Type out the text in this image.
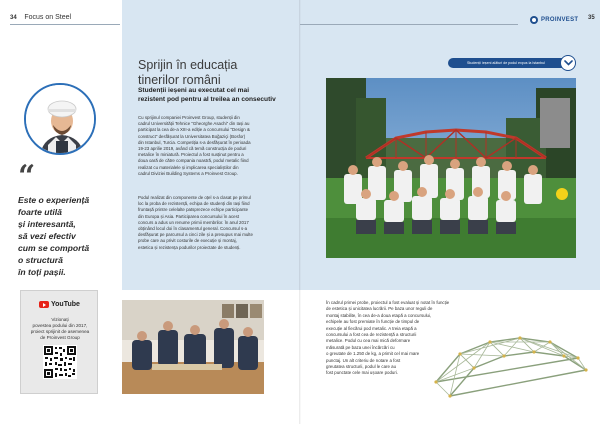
34 Focus on Steel	PROINVEST 35
“
Este o experiență
foarte utilă
și interesantă,
să vezi efectiv
cum se comportă
o structură
în toți pașii.
YouTube
Vizionați
povestea podului din 2017,
proiect sprijinit de asemenea
de Proinvest Group
Sprijin în educația
tinerilor români
Studenții ieșeni au executat cel mai
rezistent pod pentru al treilea an consecutiv
Cu sprijinul companiei Proinvest Group, studenții din
cadrul Universității Tehnice "Gheorghe Asachi" din Iași au
participat la cea de-a XIII-a ediție a concursului "Design &
construct" desfășurat la Universitatea Boğaziçi (Bosfor)
din Istanbul, Turcia. Competiția s-a desfășurat în perioada
19-23 aprilie 2019, având că temă construcția de poduri
metalice în miniatură. Proiectul a fost susținut pentru a
doua oară de către compania noastră, podul metalic fiind
realizat cu materialele și implicarea specialiștilor din
cadrul Diviziei Building Systems a Proinvest Group.
Podul realizat din componente de oțel s-a clasat pe primul
loc la proba de rezistență, echipa de studenți din Iași fiind
fruntașă printre celelalte patsprezece echipe participante
din Europa și Asia. Participarea concursului în acest
concurs a adus un renume primii membrilor. În anul 2017
obținând locul doi în clasamentul general. Concursul s-a
desfășurat pe parcursul a cinci zile și a presupus mai multe
probe care au privit costurile de execuție și montaj,
estetica și rezistența podurilor proiectate de studenți.
Studenții ieșeni alături de podul expus la Istanbul
În cadrul primei probe, proiectul a fost evaluat și notat în funcție
de estetica și unicitatea lucrării. Pe baza unor reguli de
montaj stabilite, în cea de-a doua etapă a concursului,
echipele au fost premiate în funcție de timpul de
execuție al fiecărui pod metalic. A treia etapă a
concursului a fost cea de rezistență a structurii
metalice. Podul cu cea mai mică deformare
măsurată pe baza unei încărcări cu
o greutate de 1.250 de kg, a primit cel mai mare
punctaj. Un alt criteriu de notare a fost
greutatea structurii, podul le care au
fost punctate cele mai ușoare poduri.
